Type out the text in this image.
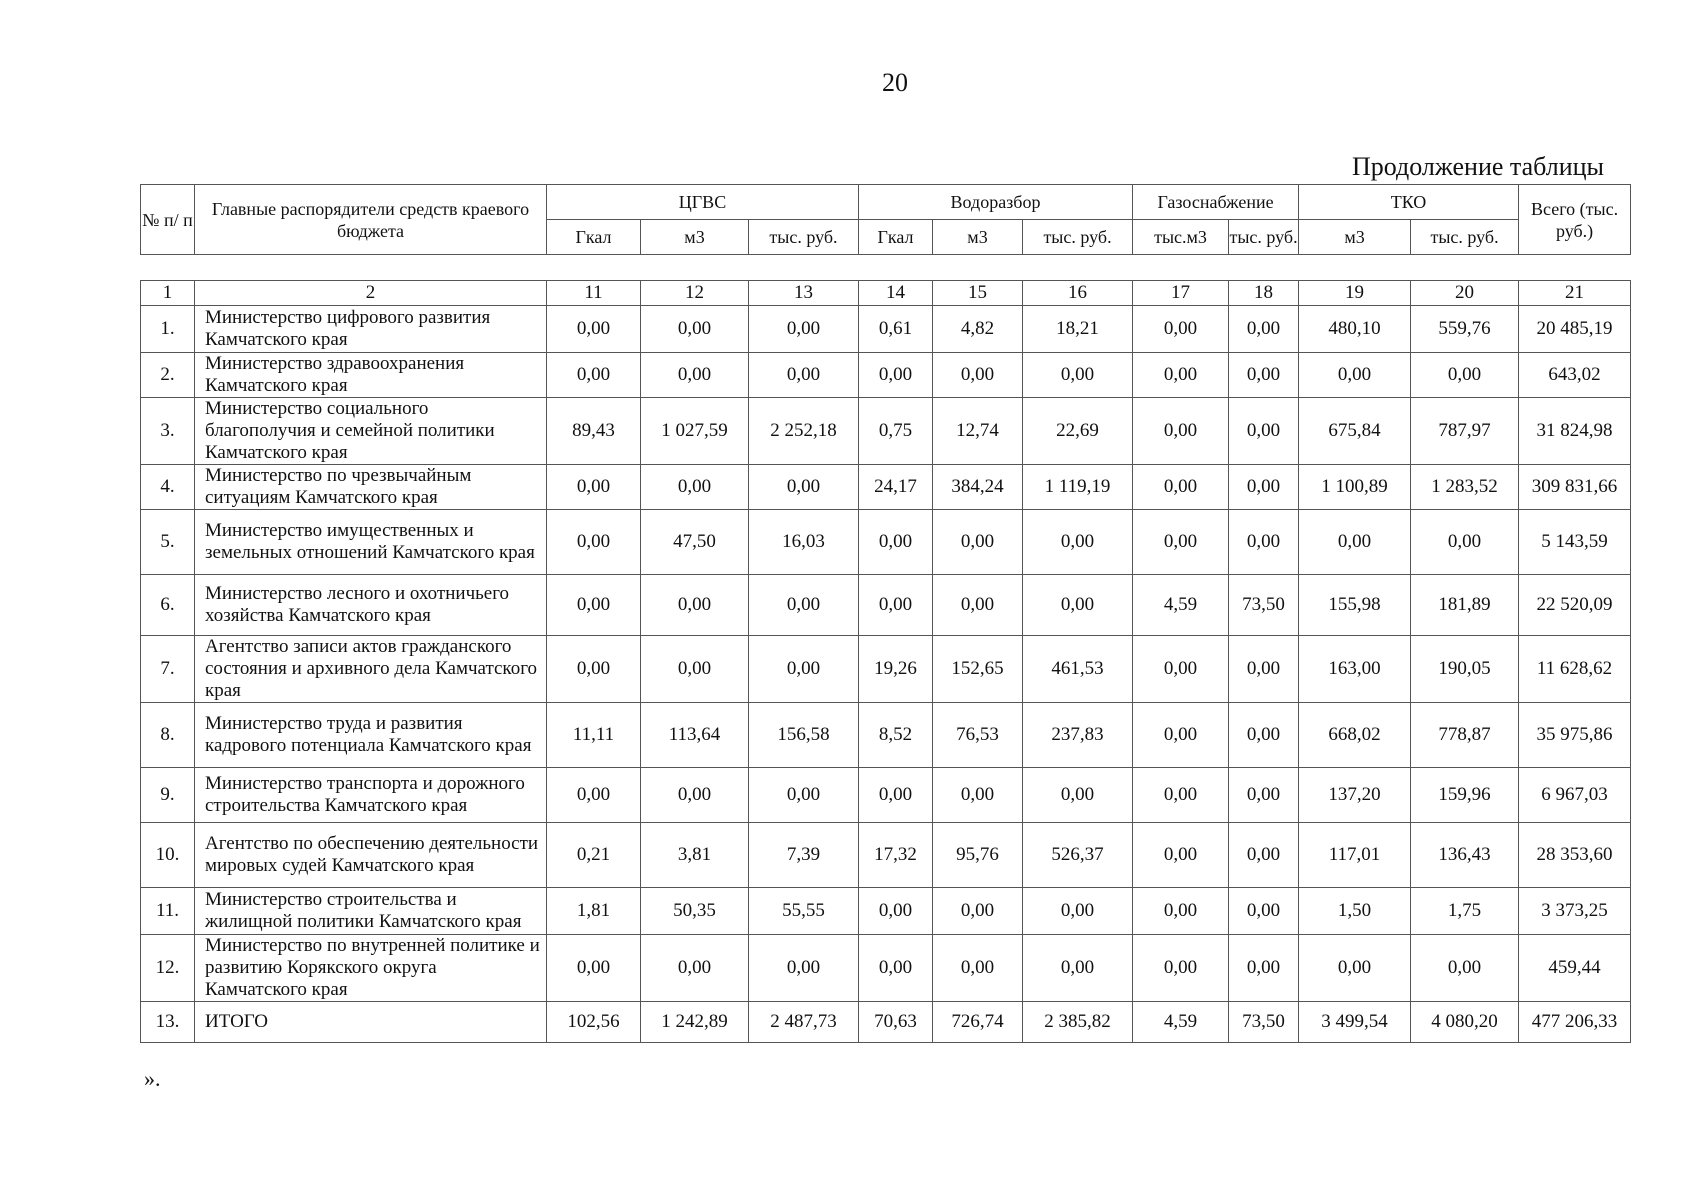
20
Продолжение таблицы
№ п/ п	Главные распорядители средств краевого бюджета	ЦГВС			Водоразбор			Газоснабжение		ТКО		Всего (тыс. руб.)
		Гкал	м3	тыс. руб.	Гкал	м3	тыс. руб.	тыс.м3	тыс. руб.	м3	тыс. руб.	
1	2	11	12	13	14	15	16	17	18	19	20	21
1.	Министерство цифрового развития Камчатского края	0,00	0,00	0,00	0,61	4,82	18,21	0,00	0,00	480,10	559,76	20 485,19
2.	Министерство здравоохранения Камчатского края	0,00	0,00	0,00	0,00	0,00	0,00	0,00	0,00	0,00	0,00	643,02
3.	Министерство социального благополучия и семейной политики Камчатского края	89,43	1 027,59	2 252,18	0,75	12,74	22,69	0,00	0,00	675,84	787,97	31 824,98
4.	Министерство по чрезвычайным ситуациям Камчатского края	0,00	0,00	0,00	24,17	384,24	1 119,19	0,00	0,00	1 100,89	1 283,52	309 831,66
5.	Министерство имущественных и земельных отношений Камчатского края	0,00	47,50	16,03	0,00	0,00	0,00	0,00	0,00	0,00	0,00	5 143,59
6.	Министерство лесного и охотничьего хозяйства Камчатского края	0,00	0,00	0,00	0,00	0,00	0,00	4,59	73,50	155,98	181,89	22 520,09
7.	Агентство записи актов гражданского состояния и архивного дела Камчатского края	0,00	0,00	0,00	19,26	152,65	461,53	0,00	0,00	163,00	190,05	11 628,62
8.	Министерство труда и развития кадрового потенциала Камчатского края	11,11	113,64	156,58	8,52	76,53	237,83	0,00	0,00	668,02	778,87	35 975,86
9.	Министерство транспорта и дорожного строительства Камчатского края	0,00	0,00	0,00	0,00	0,00	0,00	0,00	0,00	137,20	159,96	6 967,03
10.	Агентство по обеспечению деятельности мировых судей Камчатского края	0,21	3,81	7,39	17,32	95,76	526,37	0,00	0,00	117,01	136,43	28 353,60
11.	Министерство строительства и жилищной политики Камчатского края	1,81	50,35	55,55	0,00	0,00	0,00	0,00	0,00	1,50	1,75	3 373,25
12.	Министерство по внутренней политике и развитию Корякского округа Камчатского края	0,00	0,00	0,00	0,00	0,00	0,00	0,00	0,00	0,00	0,00	459,44
13.	ИТОГО	102,56	1 242,89	2 487,73	70,63	726,74	2 385,82	4,59	73,50	3 499,54	4 080,20	477 206,33
».
